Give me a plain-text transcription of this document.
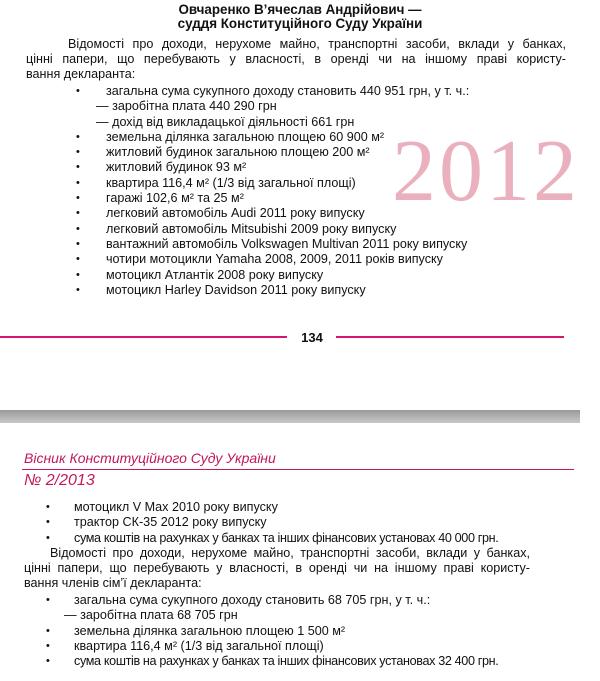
Овчаренко В’ячеслав Андрійович —
суддя Конституційного Суду України
Відомості про доходи, нерухоме майно, транспортні засоби, вклади у банках,
цінні папери, що перебувають у власності, в оренді чи на іншому праві користу-
вання декларанта:
• загальна сума сукупного доходу становить 440 951 грн, у т. ч.:
— заробітна плата 440 290 грн
— дохід від викладацької діяльності 661 грн
• земельна ділянка загальною площею 60 900 м²
• житловий будинок загальною площею 200 м²
• житловий будинок 93 м²
• квартира 116,4 м² (1/3 від загальної площі)
• гаражі 102,6 м² та 25 м²
• легковий автомобіль Audi 2011 року випуску
• легковий автомобіль Mitsubishi 2009 року випуску
• вантажний автомобіль Volkswagen Multivan 2011 року випуску
• чотири мотоцикли Yamaha 2008, 2009, 2011 років випуску
• мотоцикл Атлантік 2008 року випуску
• мотоцикл Harley Davidson 2011 року випуску
2012
134
Вісник Конституційного Суду України
№ 2/2013
• мотоцикл V Max 2010 року випуску
• трактор СК-35 2012 року випуску
• сума коштів на рахунках у банках та інших фінансових установах 40 000 грн.
Відомості про доходи, нерухоме майно, транспортні засоби, вклади у банках,
цінні папери, що перебувають у власності, в оренді чи на іншому праві користу-
вання членів сім’ї декларанта:
• загальна сума сукупного доходу становить 68 705 грн, у т. ч.:
— заробітна плата 68 705 грн
• земельна ділянка загальною площею 1 500 м²
• квартира 116,4 м² (1/3 від загальної площі)
• сума коштів на рахунках у банках та інших фінансових установах 32 400 грн.
